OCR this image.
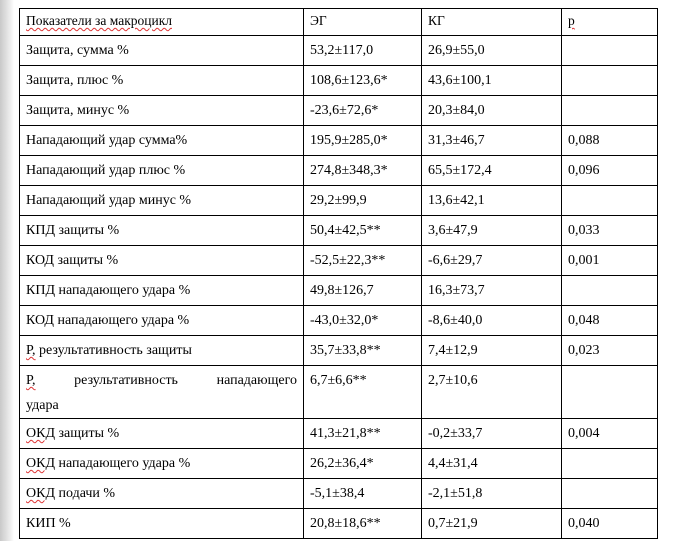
Показатели за макроцикл	ЭГ	КГ	р
Защита, сумма %	53,2±117,0	26,9±55,0	
Защита, плюс %	108,6±123,6*	43,6±100,1	
Защита, минус %	-23,6±72,6*	20,3±84,0	
Нападающий удар сумма%	195,9±285,0*	31,3±46,7	0,088
Нападающий удар плюс %	274,8±348,3*	65,5±172,4	0,096
Нападающий удар минус %	29,2±99,9	13,6±42,1	
КПД защиты %	50,4±42,5**	3,6±47,9	0,033
КОД защиты %	-52,5±22,3**	-6,6±29,7	0,001
КПД нападающего удара %	49,8±126,7	16,3±73,7	
КОД нападающего удара %	-43,0±32,0*	-8,6±40,0	0,048
Р, результативность защиты	35,7±33,8**	7,4±12,9	0,023

Р, результативность нападающего
удара	6,7±6,6**	2,7±10,6	
ОКД защиты %	41,3±21,8**	-0,2±33,7	0,004
ОКД нападающего удара %	26,2±36,4*	4,4±31,4	
ОКД подачи %	-5,1±38,4	-2,1±51,8	
КИП %	20,8±18,6**	0,7±21,9	0,040
